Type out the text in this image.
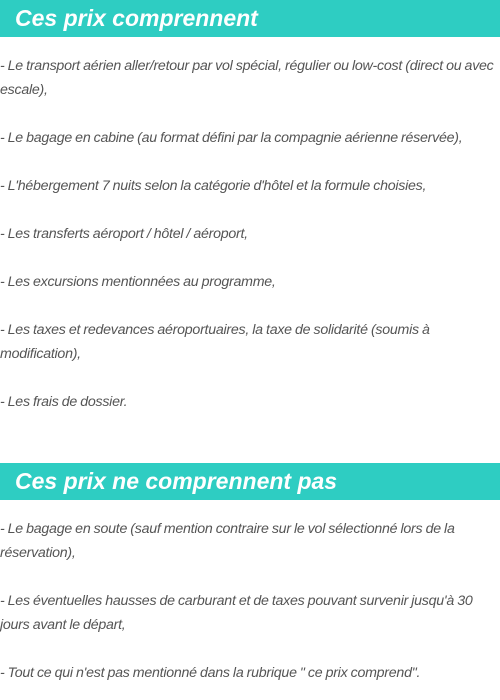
Ces prix comprennent

- Le transport aérien aller/retour par vol spécial, régulier ou low-cost (direct ou avec escale),

- Le bagage en cabine (au format défini par la compagnie aérienne réservée),

- L'hébergement 7 nuits selon la catégorie d'hôtel et la formule choisies,

- Les transferts aéroport / hôtel / aéroport,

- Les excursions mentionnées au programme,

- Les taxes et redevances aéroportuaires, la taxe de solidarité (soumis à modification),

- Les frais de dossier.

Ces prix ne comprennent pas

- Le bagage en soute (sauf mention contraire sur le vol sélectionné lors de la réservation),

- Les éventuelles hausses de carburant et de taxes pouvant survenir jusqu'à 30 jours avant le départ,

- Tout ce qui n'est pas mentionné dans la rubrique " ce prix comprend".
